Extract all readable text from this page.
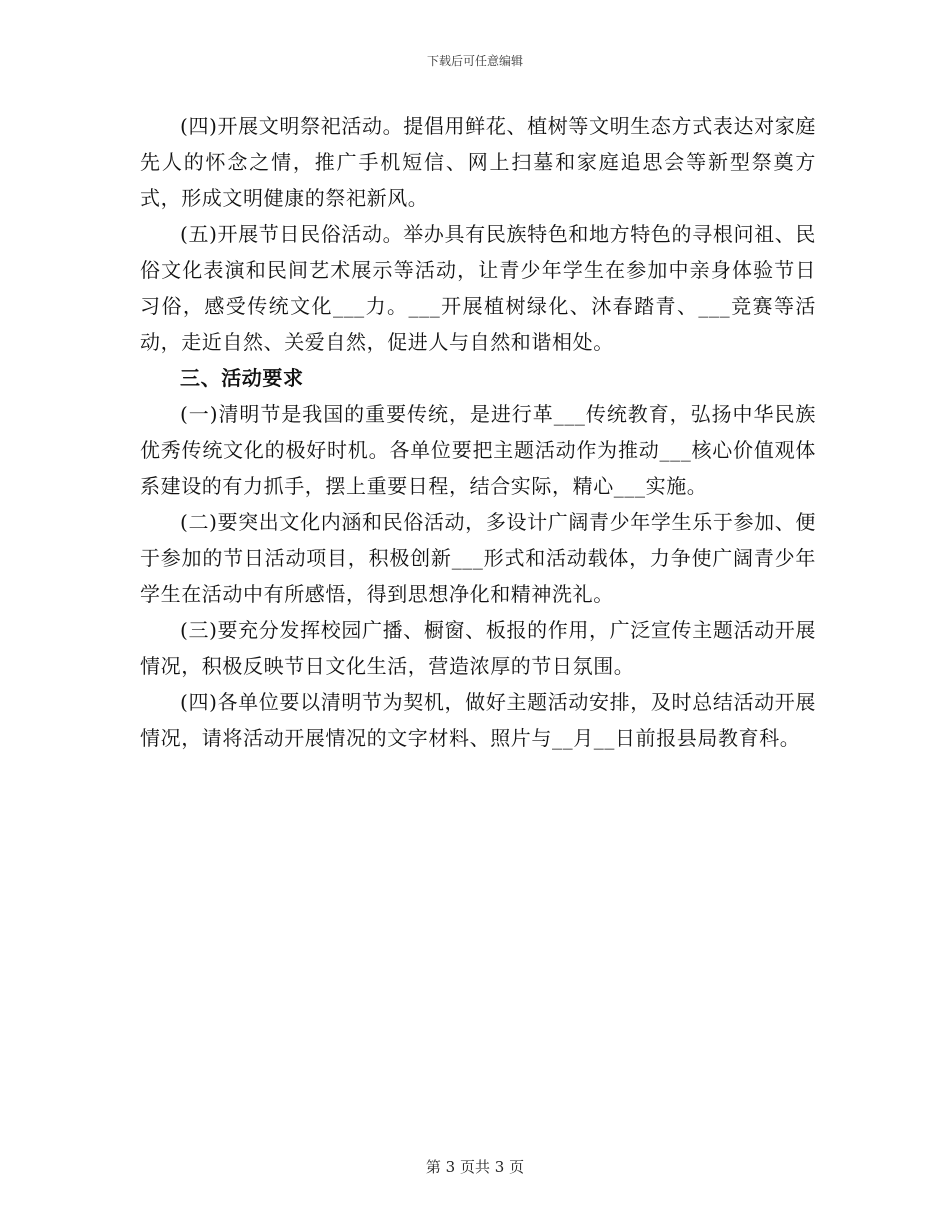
下载后可任意编辑

(四)开展文明祭祀活动。提倡用鲜花、植树等文明生态方式表达对家庭先人的怀念之情，推广手机短信、网上扫墓和家庭追思会等新型祭奠方式，形成文明健康的祭祀新风。

(五)开展节日民俗活动。举办具有民族特色和地方特色的寻根问祖、民俗文化表演和民间艺术展示等活动，让青少年学生在参加中亲身体验节日习俗，感受传统文化___力。___开展植树绿化、沐春踏青、___竞赛等活动，走近自然、关爱自然，促进人与自然和谐相处。

三、活动要求

(一)清明节是我国的重要传统，是进行革___传统教育，弘扬中华民族优秀传统文化的极好时机。各单位要把主题活动作为推动___核心价值观体系建设的有力抓手，摆上重要日程，结合实际，精心___实施。

(二)要突出文化内涵和民俗活动，多设计广阔青少年学生乐于参加、便于参加的节日活动项目，积极创新___形式和活动载体，力争使广阔青少年学生在活动中有所感悟，得到思想净化和精神洗礼。

(三)要充分发挥校园广播、橱窗、板报的作用，广泛宣传主题活动开展情况，积极反映节日文化生活，营造浓厚的节日氛围。

(四)各单位要以清明节为契机，做好主题活动安排，及时总结活动开展情况，请将活动开展情况的文字材料、照片与__月__日前报县局教育科。

第 3 页共 3 页
